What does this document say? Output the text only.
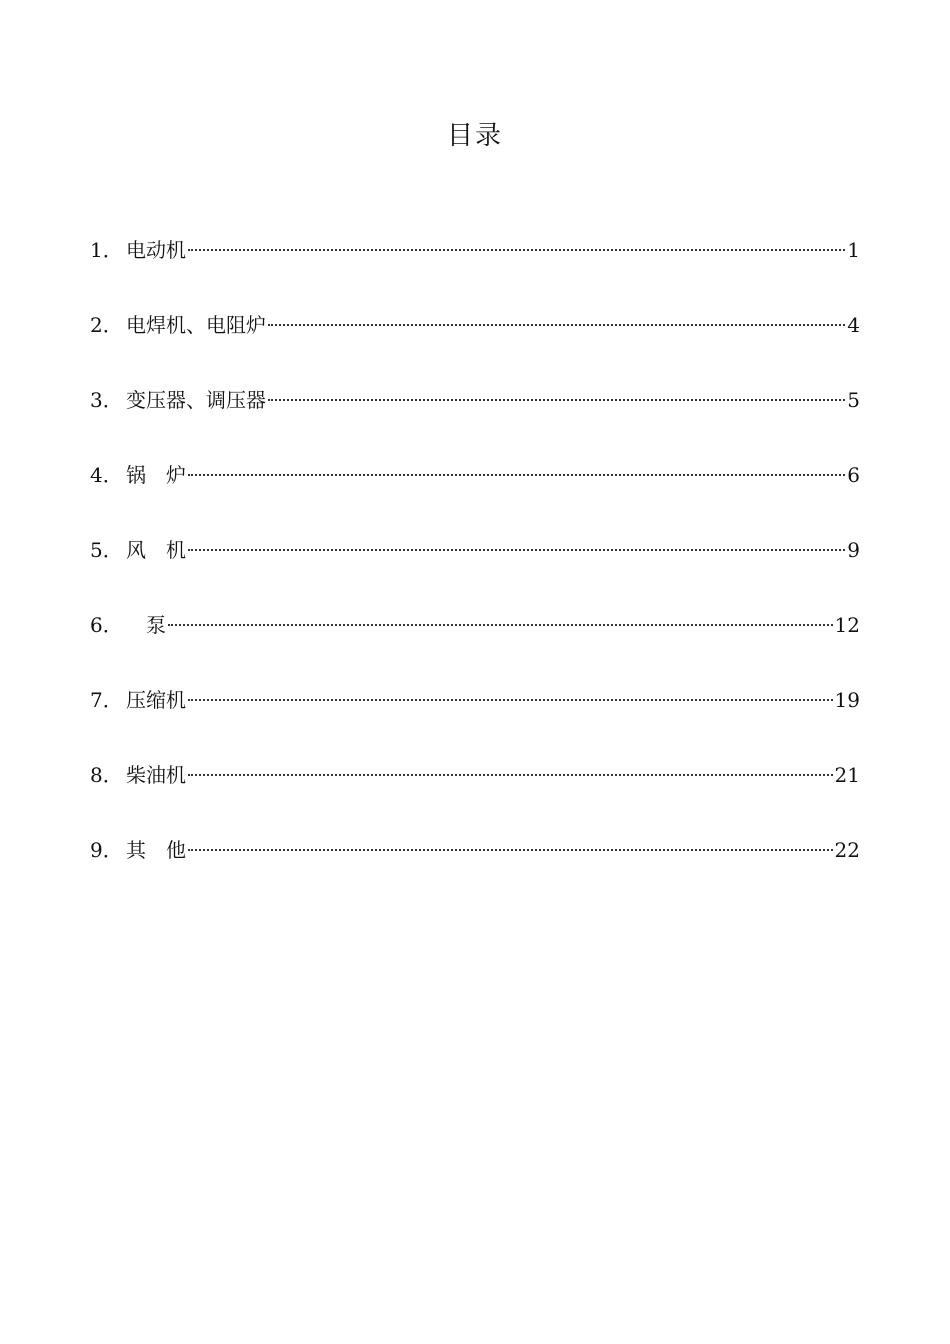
目录
1． 电动机	1
2． 电焊机、电阻炉	4
3． 变压器、调压器	5
4． 锅　炉	6
5． 风　机	9
6． 　泵	12
7． 压缩机	19
8． 柴油机	21
9． 其　他	22
